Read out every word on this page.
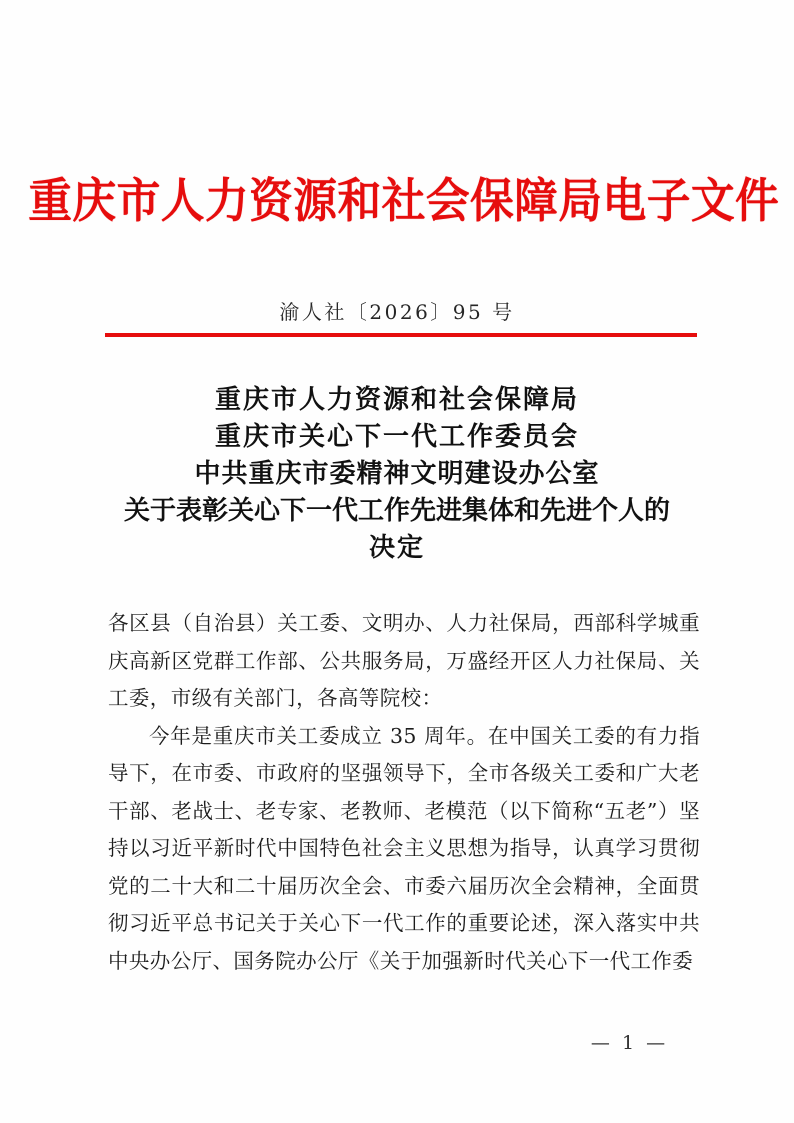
重庆市人力资源和社会保障局电子文件
渝人社〔2026〕95 号
重庆市人力资源和社会保障局
重庆市关心下一代工作委员会
中共重庆市委精神文明建设办公室
关于表彰关心下一代工作先进集体和先进个人的
决定

各区县（自治县）关工委、文明办、人力社保局，西部科学城重庆高新区党群工作部、公共服务局，万盛经开区人力社保局、关工委，市级有关部门，各高等院校：

今年是重庆市关工委成立 35 周年。在中国关工委的有力指导下，在市委、市政府的坚强领导下，全市各级关工委和广大老干部、老战士、老专家、老教师、老模范（以下简称“五老”）坚持以习近平新时代中国特色社会主义思想为指导，认真学习贯彻党的二十大和二十届历次全会、市委六届历次全会精神，全面贯彻习近平总书记关于关心下一代工作的重要论述，深入落实中共中央办公厅、国务院办公厅《关于加强新时代关心下一代工作委

— 1 —
